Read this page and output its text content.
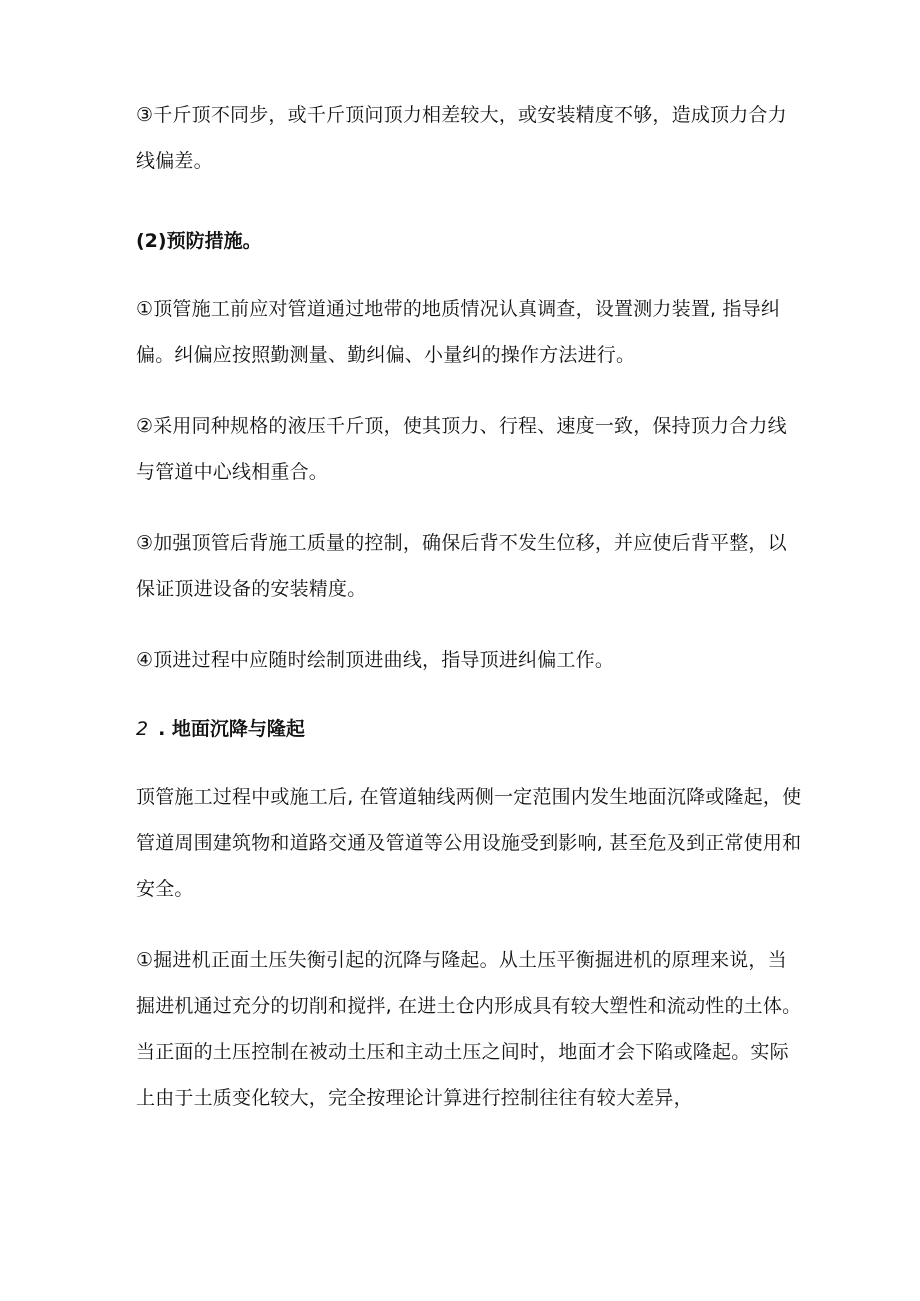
③千斤顶不同步，或千斤顶问顶力相差较大，或安装精度不够，造成顶力合力线偏差。

(2)预防措施。

①顶管施工前应对管道通过地带的地质情况认真调查，设置测力装置, 指导纠偏。纠偏应按照勤测量、勤纠偏、小量纠的操作方法进行。

②采用同种规格的液压千斤顶，使其顶力、行程、速度一致，保持顶力合力线与管道中心线相重合。

③加强顶管后背施工质量的控制，确保后背不发生位移，并应使后背平整，以保证顶进设备的安装精度。

④顶进过程中应随时绘制顶进曲线，指导顶进纠偏工作。

2 . 地面沉降与隆起

顶管施工过程中或施工后, 在管道轴线两侧一定范围内发生地面沉降或隆起，使管道周围建筑物和道路交通及管道等公用设施受到影响, 甚至危及到正常使用和安全。

①掘进机正面土压失衡引起的沉降与隆起。从土压平衡掘进机的原理来说，当掘进机通过充分的切削和搅拌, 在进土仓内形成具有较大塑性和流动性的土体。当正面的土压控制在被动土压和主动土压之间时，地面才会下陷或隆起。实际上由于土质变化较大，完全按理论计算进行控制往往有较大差异，
